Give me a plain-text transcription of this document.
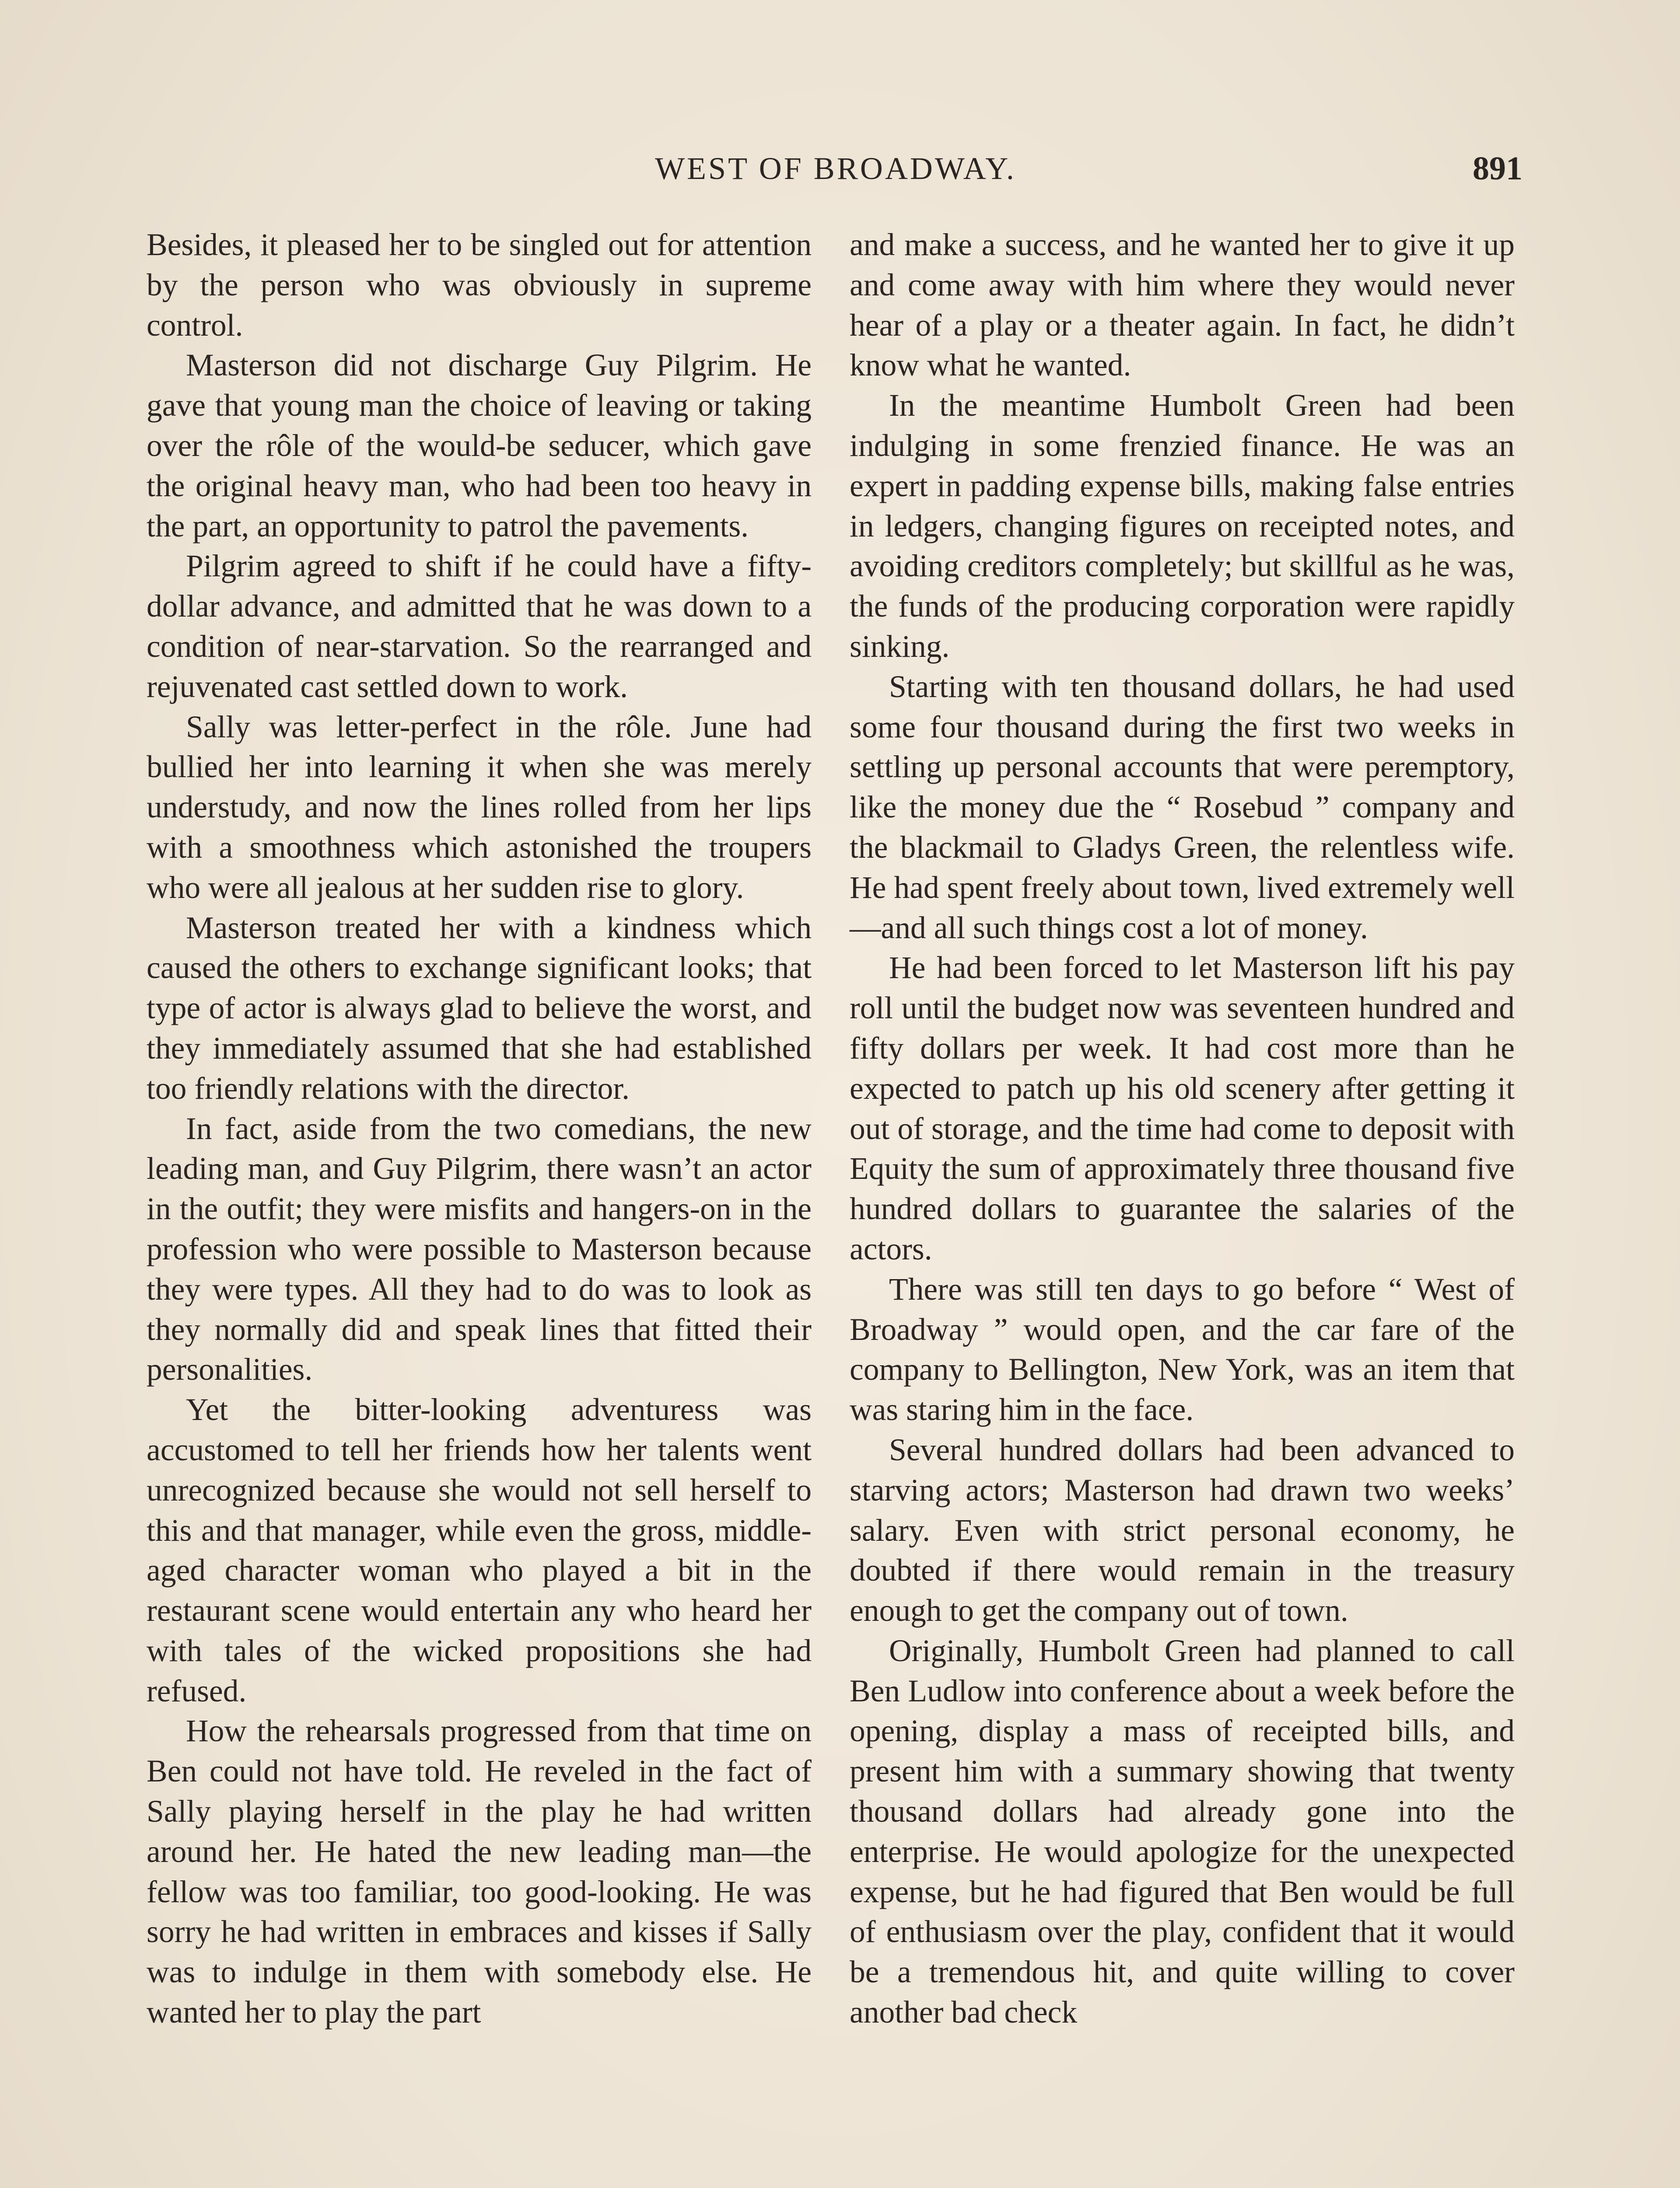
WEST OF BROADWAY.	891

Besides, it pleased her to be singled out for attention by the person who was obviously in supreme control.

Masterson did not discharge Guy Pilgrim. He gave that young man the choice of leaving or taking over the rôle of the would-be seducer, which gave the original heavy man, who had been too heavy in the part, an opportunity to patrol the pavements.

Pilgrim agreed to shift if he could have a fifty-dollar advance, and admitted that he was down to a condition of near-starvation. So the rearranged and rejuvenated cast settled down to work.

Sally was letter-perfect in the rôle. June had bullied her into learning it when she was merely understudy, and now the lines rolled from her lips with a smoothness which astonished the troupers who were all jealous at her sudden rise to glory.

Masterson treated her with a kindness which caused the others to exchange significant looks; that type of actor is always glad to believe the worst, and they immediately assumed that she had established too friendly relations with the director.

In fact, aside from the two comedians, the new leading man, and Guy Pilgrim, there wasn’t an actor in the outfit; they were misfits and hangers-on in the profession who were possible to Masterson because they were types. All they had to do was to look as they normally did and speak lines that fitted their personalities.

Yet the bitter-looking adventuress was accustomed to tell her friends how her talents went unrecognized because she would not sell herself to this and that manager, while even the gross, middle-aged character woman who played a bit in the restaurant scene would entertain any who heard her with tales of the wicked propositions she had refused.

How the rehearsals progressed from that time on Ben could not have told. He reveled in the fact of Sally playing herself in the play he had written around her. He hated the new leading man—the fellow was too familiar, too good-looking. He was sorry he had written in embraces and kisses if Sally was to indulge in them with somebody else. He wanted her to play the part

and make a success, and he wanted her to give it up and come away with him where they would never hear of a play or a theater again. In fact, he didn’t know what he wanted.

In the meantime Humbolt Green had been indulging in some frenzied finance. He was an expert in padding expense bills, making false entries in ledgers, changing figures on receipted notes, and avoiding creditors completely; but skillful as he was, the funds of the producing corporation were rapidly sinking.

Starting with ten thousand dollars, he had used some four thousand during the first two weeks in settling up personal accounts that were peremptory, like the money due the “ Rosebud ” company and the blackmail to Gladys Green, the relentless wife. He had spent freely about town, lived extremely well—and all such things cost a lot of money.

He had been forced to let Masterson lift his pay roll until the budget now was seventeen hundred and fifty dollars per week. It had cost more than he expected to patch up his old scenery after getting it out of storage, and the time had come to deposit with Equity the sum of approximately three thousand five hundred dollars to guarantee the salaries of the actors.

There was still ten days to go before “ West of Broadway ” would open, and the car fare of the company to Bellington, New York, was an item that was staring him in the face.

Several hundred dollars had been advanced to starving actors; Masterson had drawn two weeks’ salary. Even with strict personal economy, he doubted if there would remain in the treasury enough to get the company out of town.

Originally, Humbolt Green had planned to call Ben Ludlow into conference about a week before the opening, display a mass of receipted bills, and present him with a summary showing that twenty thousand dollars had already gone into the enterprise. He would apologize for the unexpected expense, but he had figured that Ben would be full of enthusiasm over the play, confident that it would be a tremendous hit, and quite willing to cover another bad check
